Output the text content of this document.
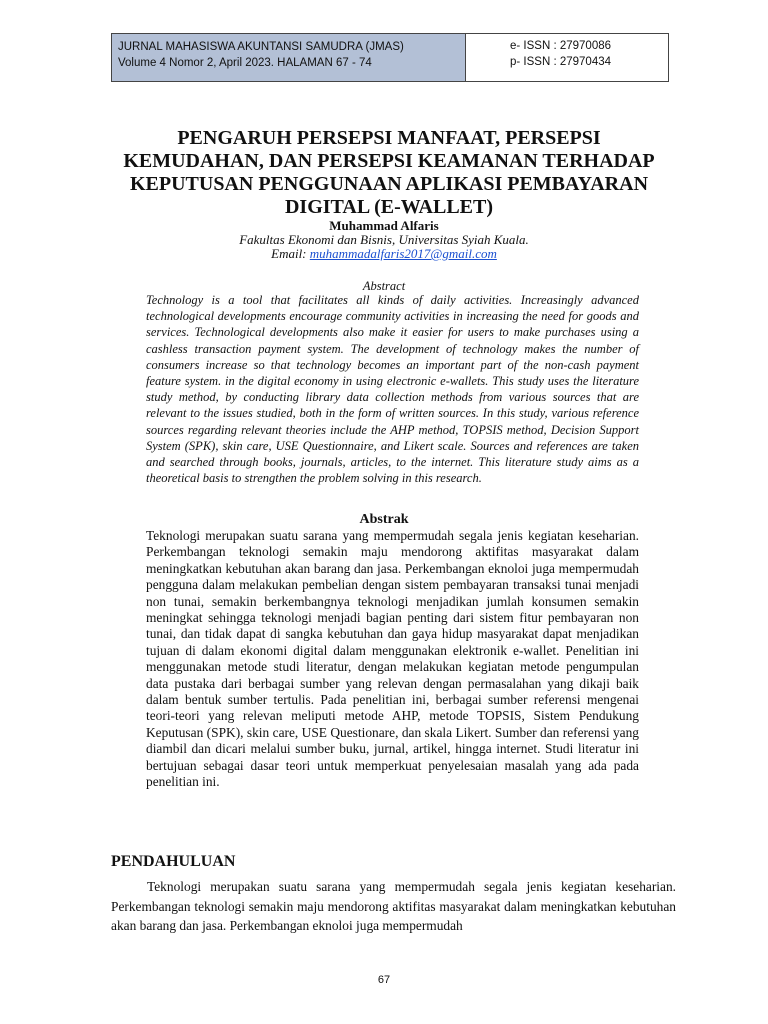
JURNAL MAHASISWA AKUNTANSI SAMUDRA (JMAS)
Volume 4 Nomor 2, April 2023. HALAMAN 67 - 74
e- ISSN : 27970086
p- ISSN : 27970434
PENGARUH PERSEPSI MANFAAT, PERSEPSI KEMUDAHAN, DAN PERSEPSI KEAMANAN TERHADAP KEPUTUSAN PENGGUNAAN APLIKASI PEMBAYARAN DIGITAL (E-WALLET)
Muhammad Alfaris
Fakultas Ekonomi dan Bisnis, Universitas Syiah Kuala.
Email: muhammadalfaris2017@gmail.com
Abstract

Technology is a tool that facilitates all kinds of daily activities. Increasingly advanced technological developments encourage community activities in increasing the need for goods and services. Technological developments also make it easier for users to make purchases using a cashless transaction payment system. The development of technology makes the number of consumers increase so that technology becomes an important part of the non-cash payment feature system. in the digital economy in using electronic e-wallets. This study uses the literature study method, by conducting library data collection methods from various sources that are relevant to the issues studied, both in the form of written sources. In this study, various reference sources regarding relevant theories include the AHP method, TOPSIS method, Decision Support System (SPK), skin care, USE Questionnaire, and Likert scale. Sources and references are taken and searched through books, journals, articles, to the internet. This literature study aims as a theoretical basis to strengthen the problem solving in this research.

Abstrak

Teknologi merupakan suatu sarana yang mempermudah segala jenis kegiatan keseharian. Perkembangan teknologi semakin maju mendorong aktifitas masyarakat dalam meningkatkan kebutuhan akan barang dan jasa. Perkembangan eknoloi juga mempermudah pengguna dalam melakukan pembelian dengan sistem pembayaran transaksi tunai menjadi non tunai, semakin berkembangnya teknologi menjadikan jumlah konsumen semakin meningkat sehingga teknologi menjadi bagian penting dari sistem fitur pembayaran non tunai, dan tidak dapat di sangka kebutuhan dan gaya hidup masyarakat dapat menjadikan tujuan di dalam ekonomi digital dalam menggunakan elektronik e-wallet. Penelitian ini menggunakan metode studi literatur, dengan melakukan kegiatan metode pengumpulan data pustaka dari berbagai sumber yang relevan dengan permasalahan yang dikaji baik dalam bentuk sumber tertulis. Pada penelitian ini, berbagai sumber referensi mengenai teori-teori yang relevan meliputi metode AHP, metode TOPSIS, Sistem Pendukung Keputusan (SPK), skin care, USE Questionare, dan skala Likert. Sumber dan referensi yang diambil dan dicari melalui sumber buku, jurnal, artikel, hingga internet. Studi literatur ini bertujuan sebagai dasar teori untuk memperkuat penyelesaian masalah yang ada pada penelitian ini.

PENDAHULUAN

Teknologi merupakan suatu sarana yang mempermudah segala jenis kegiatan keseharian. Perkembangan teknologi semakin maju mendorong aktifitas masyarakat dalam meningkatkan kebutuhan akan barang dan jasa. Perkembangan eknoloi juga mempermudah

67
